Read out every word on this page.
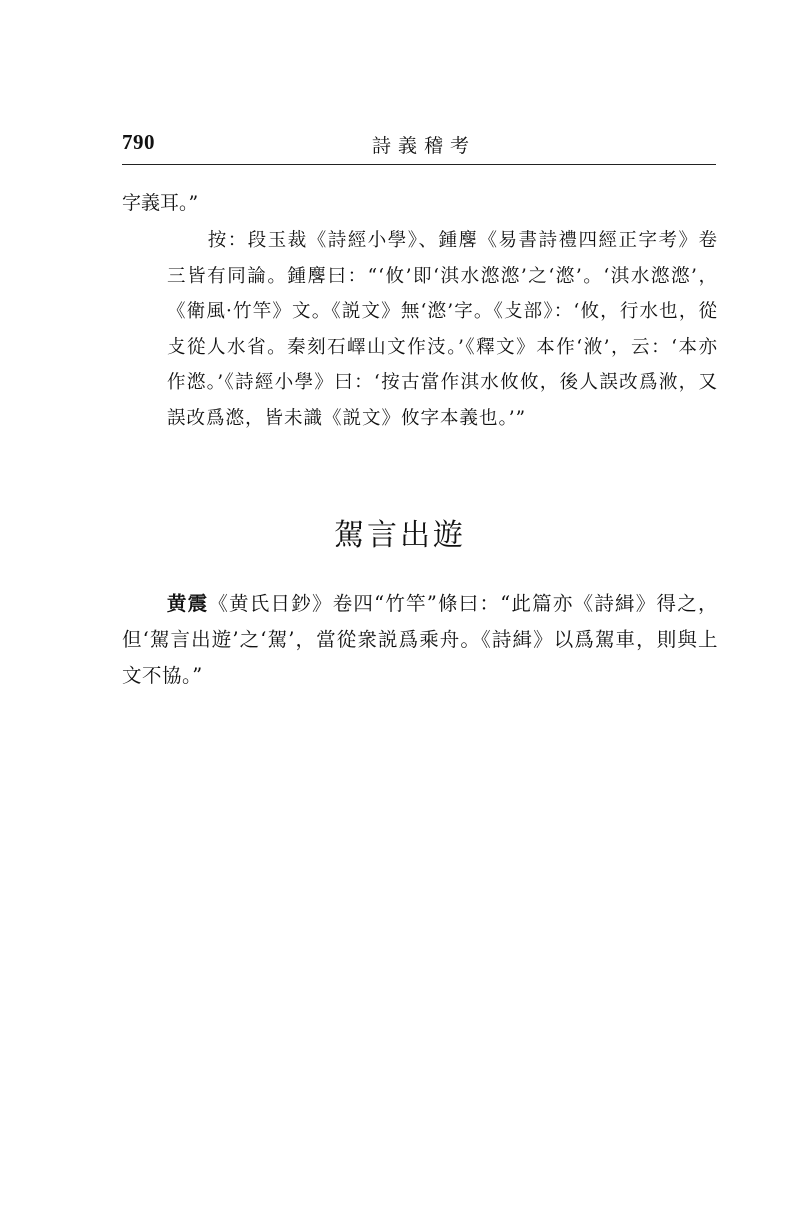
790	詩義稽考
字義耳。”
按：段玉裁《詩經小學》、鍾麐《易書詩禮四經正字考》卷三皆有同論。鍾麐曰：“‘攸’即‘淇水滺滺’之‘滺’。‘淇水滺滺’，《衛風·竹竿》文。《説文》無‘滺’字。《攴部》：‘攸，行水也，從攴從人水省。秦刻石嶧山文作汥。’《釋文》本作‘浟’，云：‘本亦作滺。’《詩經小學》曰：‘按古當作淇水攸攸，後人誤改爲浟，又誤改爲滺，皆未識《説文》攸字本義也。’”
駕言出遊
黄震《黄氏日鈔》卷四“竹竿”條曰：“此篇亦《詩緝》得之，但‘駕言出遊’之‘駕’，當從衆説爲乘舟。《詩緝》以爲駕車，則與上文不協。”
